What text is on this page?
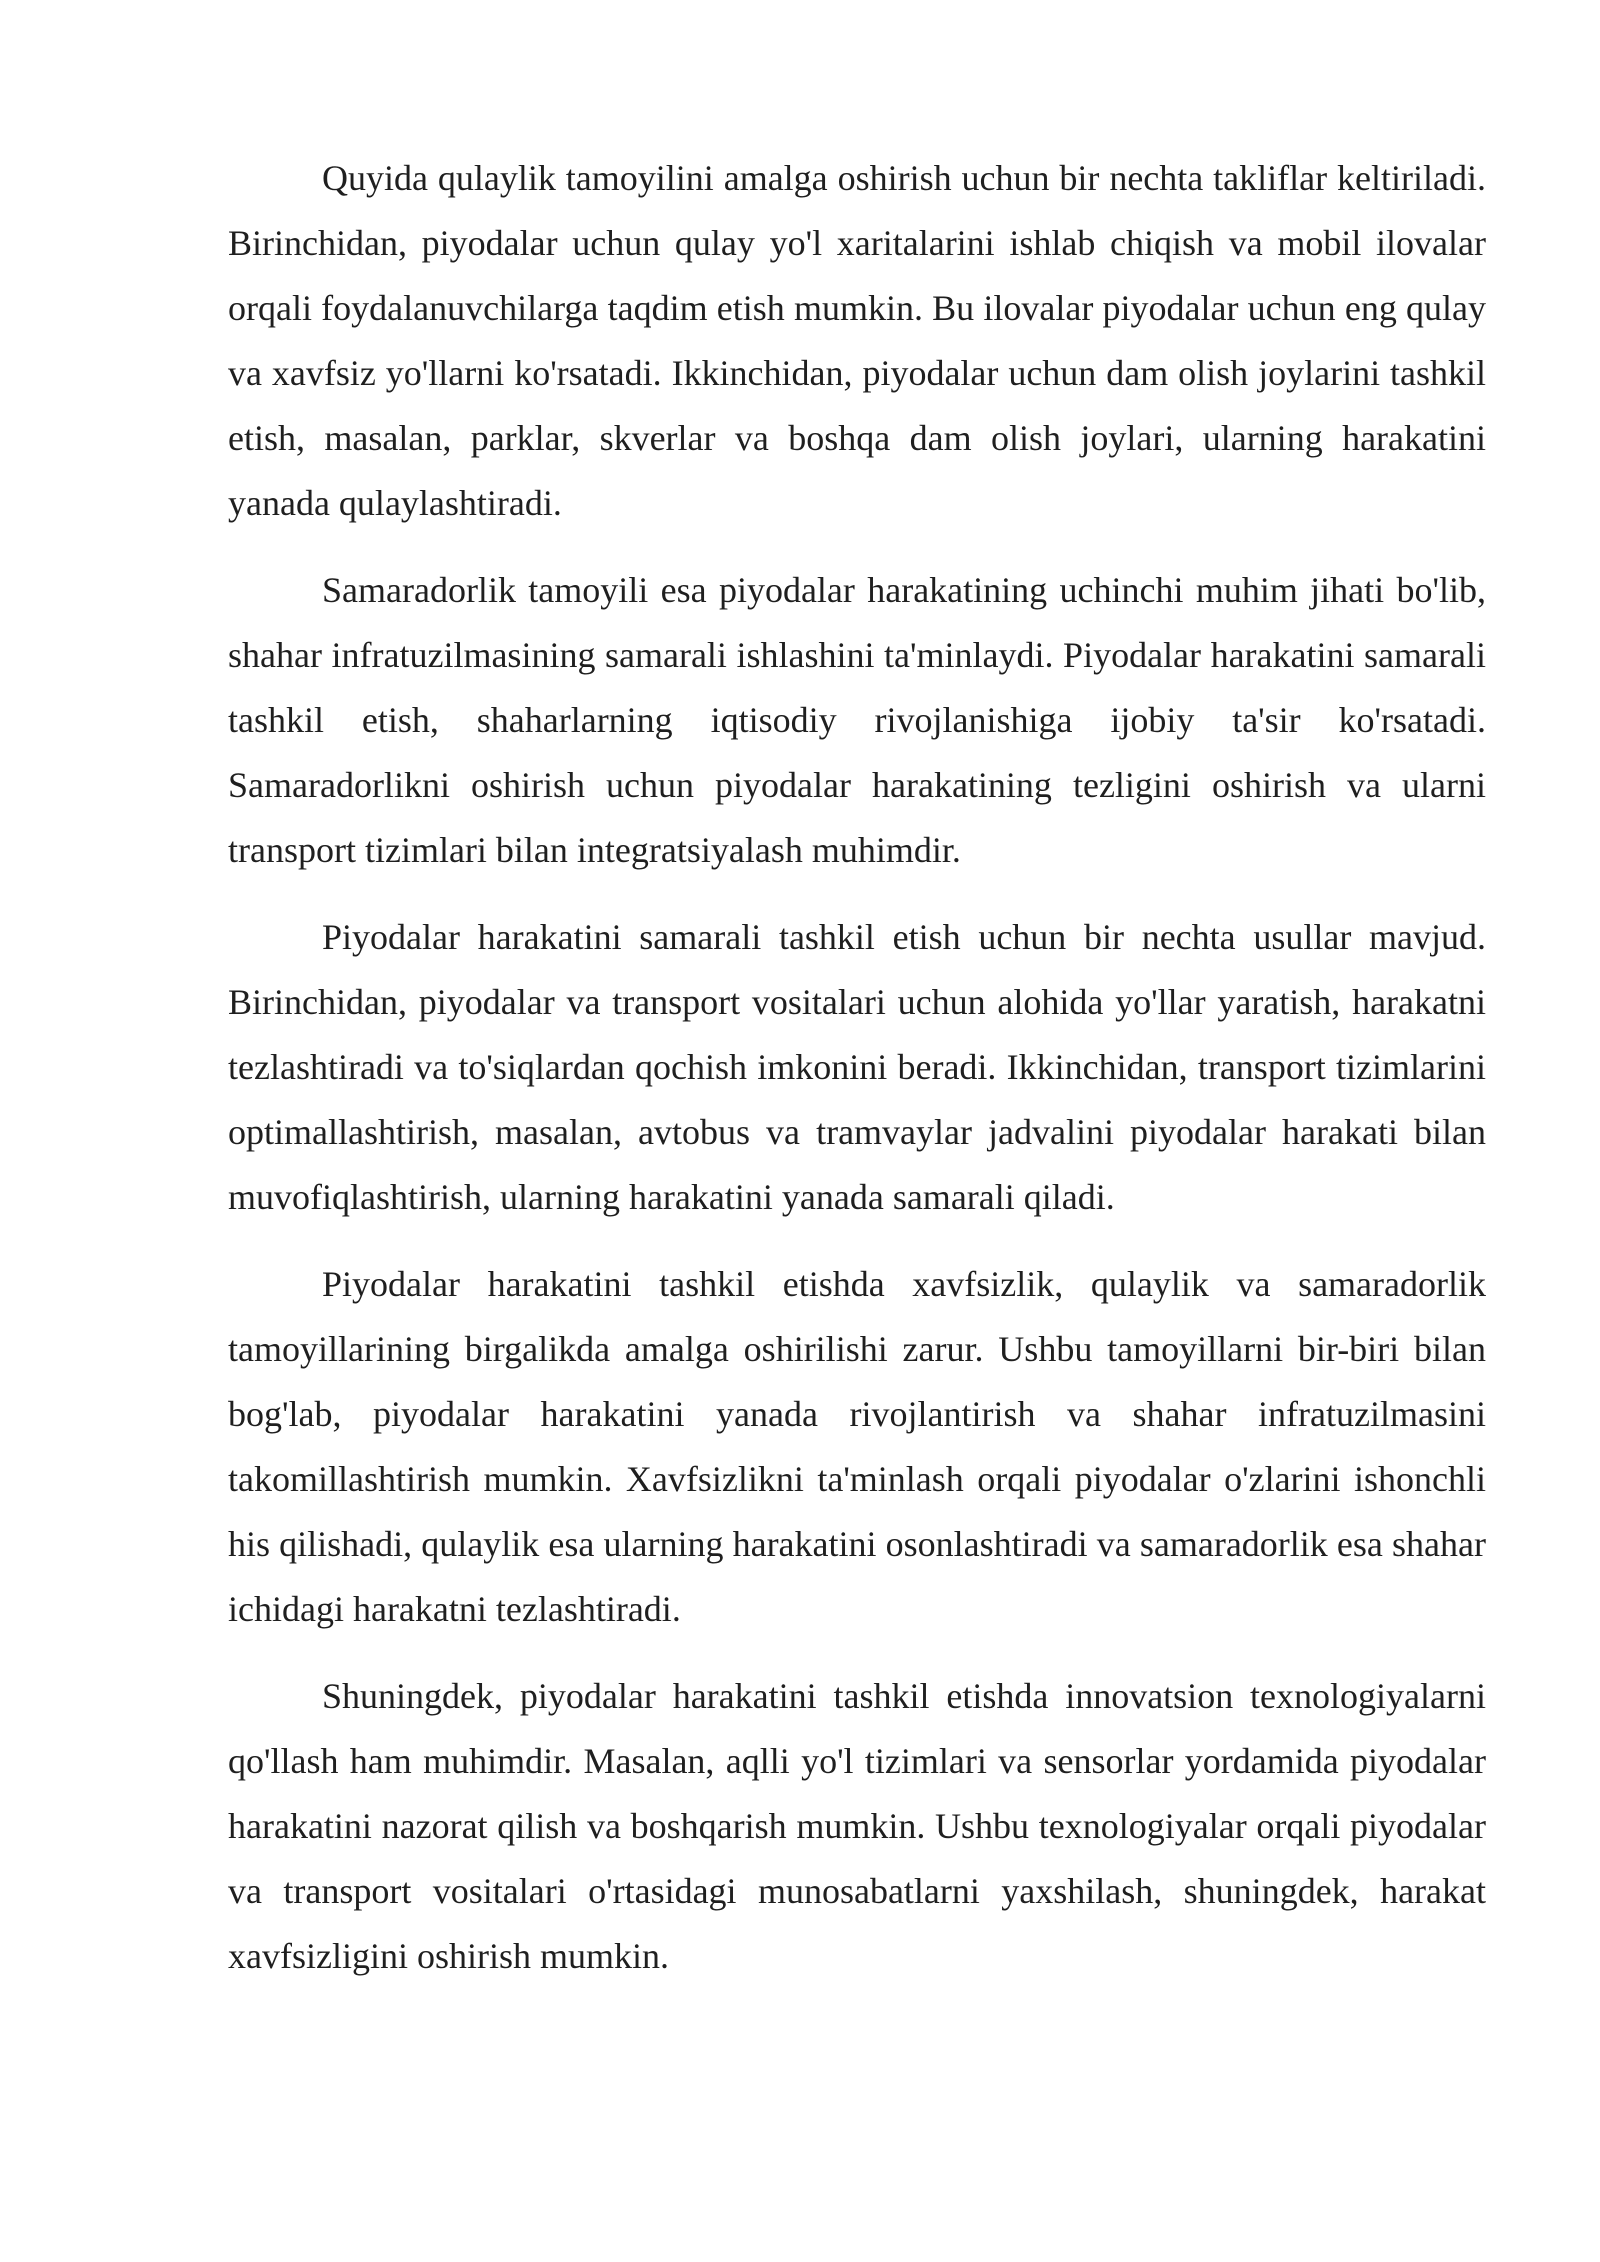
Quyida qulaylik tamoyilini amalga oshirish uchun bir nechta takliflar keltiriladi. Birinchidan, piyodalar uchun qulay yo'l xaritalarini ishlab chiqish va mobil ilovalar orqali foydalanuvchilarga taqdim etish mumkin. Bu ilovalar piyodalar uchun eng qulay va xavfsiz yo'llarni ko'rsatadi. Ikkinchidan, piyodalar uchun dam olish joylarini tashkil etish, masalan, parklar, skverlar va boshqa dam olish joylari, ularning harakatini yanada qulaylashtiradi.

Samaradorlik tamoyili esa piyodalar harakatining uchinchi muhim jihati bo'lib, shahar infratuzilmasining samarali ishlashini ta'minlaydi. Piyodalar harakatini samarali tashkil etish, shaharlarning iqtisodiy rivojlanishiga ijobiy ta'sir ko'rsatadi. Samaradorlikni oshirish uchun piyodalar harakatining tezligini oshirish va ularni transport tizimlari bilan integratsiyalash muhimdir.

Piyodalar harakatini samarali tashkil etish uchun bir nechta usullar mavjud. Birinchidan, piyodalar va transport vositalari uchun alohida yo'llar yaratish, harakatni tezlashtiradi va to'siqlardan qochish imkonini beradi. Ikkinchidan, transport tizimlarini optimallashtirish, masalan, avtobus va tramvaylar jadvalini piyodalar harakati bilan muvofiqlashtirish, ularning harakatini yanada samarali qiladi.

Piyodalar harakatini tashkil etishda xavfsizlik, qulaylik va samaradorlik tamoyillarining birgalikda amalga oshirilishi zarur. Ushbu tamoyillarni bir-biri bilan bog'lab, piyodalar harakatini yanada rivojlantirish va shahar infratuzilmasini takomillashtirish mumkin. Xavfsizlikni ta'minlash orqali piyodalar o'zlarini ishonchli his qilishadi, qulaylik esa ularning harakatini osonlashtiradi va samaradorlik esa shahar ichidagi harakatni tezlashtiradi.

Shuningdek, piyodalar harakatini tashkil etishda innovatsion texnologiyalarni qo'llash ham muhimdir. Masalan, aqlli yo'l tizimlari va sensorlar yordamida piyodalar harakatini nazorat qilish va boshqarish mumkin. Ushbu texnologiyalar orqali piyodalar va transport vositalari o'rtasidagi munosabatlarni yaxshilash, shuningdek, harakat xavfsizligini oshirish mumkin.
